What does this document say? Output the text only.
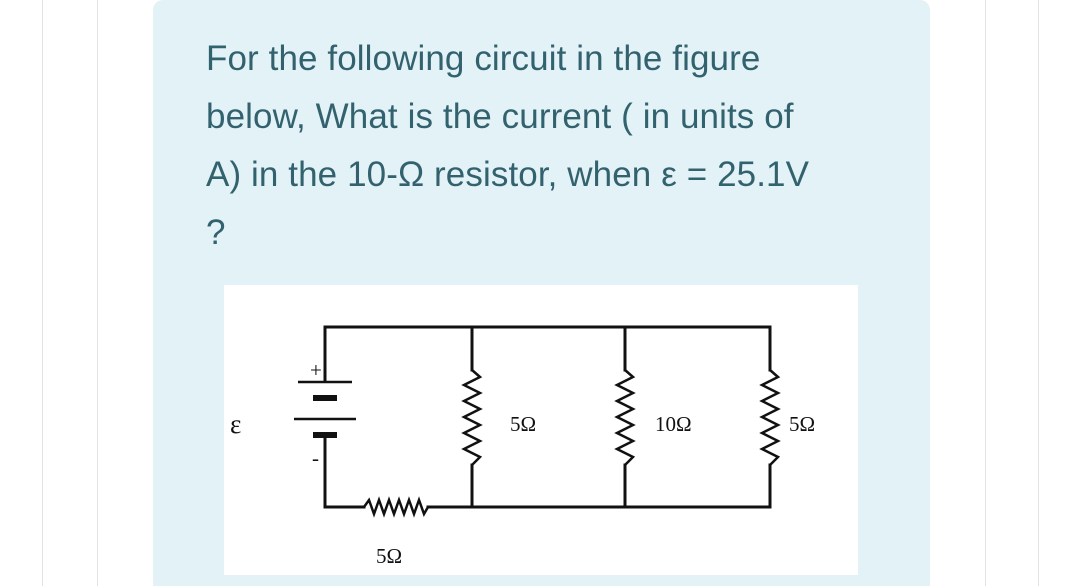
For the following circuit in the figure
below, What is the current ( in units of
A) in the 10-Ω resistor, when ε = 25.1V
?

ε
+
-
5Ω	10Ω	5Ω
5Ω
